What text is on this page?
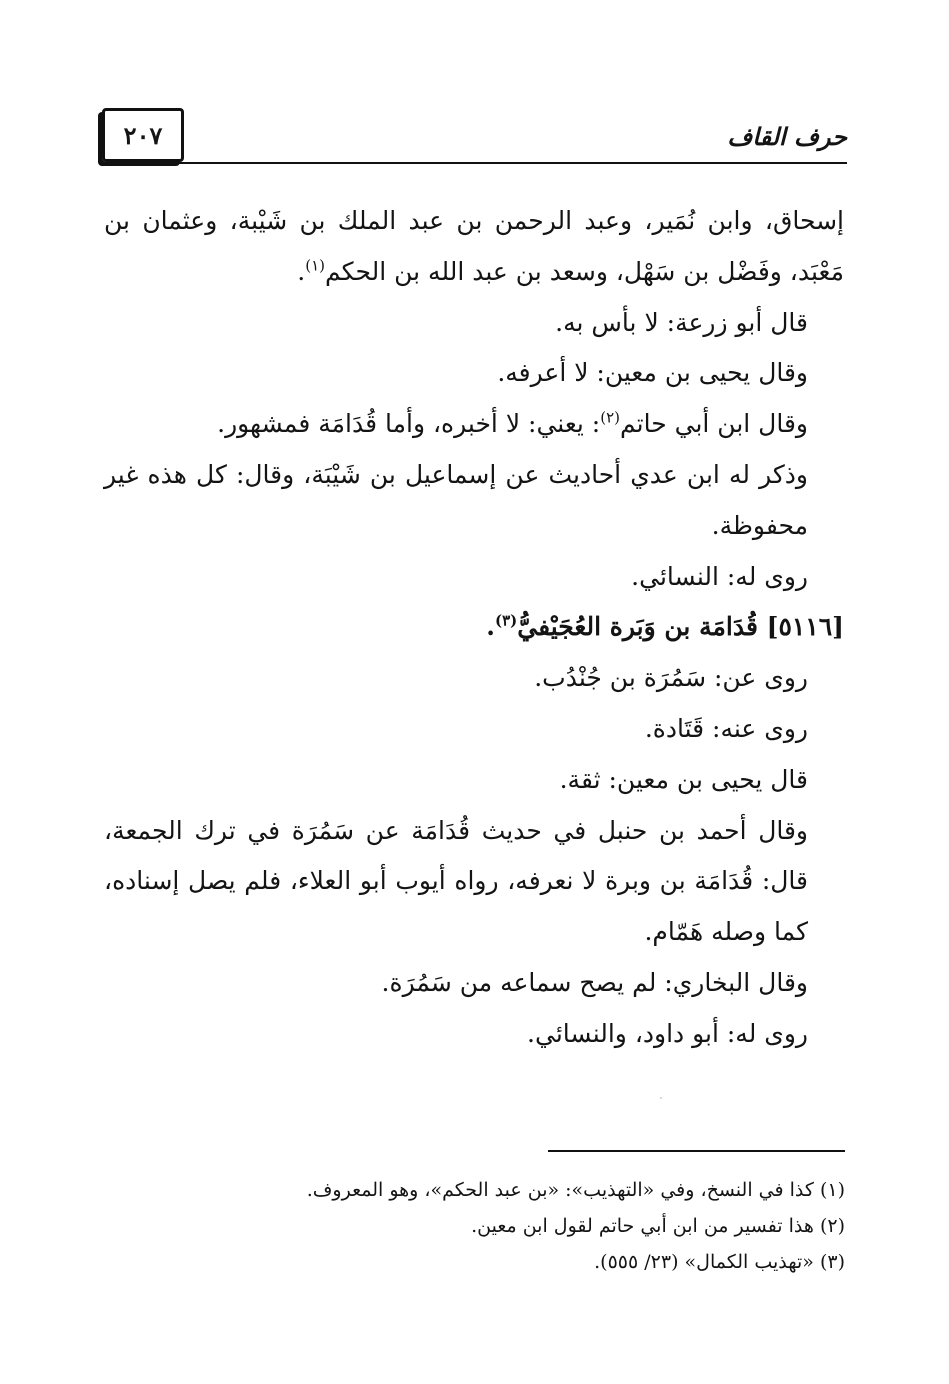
٢٠٧	حرف القاف

إسحاق، وابن نُمَير، وعبد الرحمن بن عبد الملك بن شَيْبة، وعثمان بن مَعْبَد، وفَضْل بن سَهْل، وسعد بن عبد الله بن الحكم$^{(١)}$.

قال أبو زرعة: لا بأس به.

وقال يحيى بن معين: لا أعرفه.

وقال ابن أبي حاتم$^{(٢)}$: يعني: لا أخبره، وأما قُدَامَة فمشهور.

وذكر له ابن عدي أحاديث عن إسماعيل بن شَيْبَة، وقال: كل هذه غير محفوظة.

روى له: النسائي.

[٥١١٦] قُدَامَة بن وَبَرة العُجَيْفيُّ$^{(٣)}$.

روى عن: سَمُرَة بن جُنْدُب.

روى عنه: قَتَادة.

قال يحيى بن معين: ثقة.

وقال أحمد بن حنبل في حديث قُدَامَة عن سَمُرَة في ترك الجمعة، قال: قُدَامَة بن وبرة لا نعرفه، رواه أيوب أبو العلاء، فلم يصل إسناده، كما وصله هَمّام.

وقال البخاري: لم يصح سماعه من سَمُرَة.

روى له: أبو داود، والنسائي.

(١) كذا في النسخ، وفي «التهذيب»: «بن عبد الحكم»، وهو المعروف.

(٢) هذا تفسير من ابن أبي حاتم لقول ابن معين.

(٣) «تهذيب الكمال» (٢٣/ ٥٥٥).
